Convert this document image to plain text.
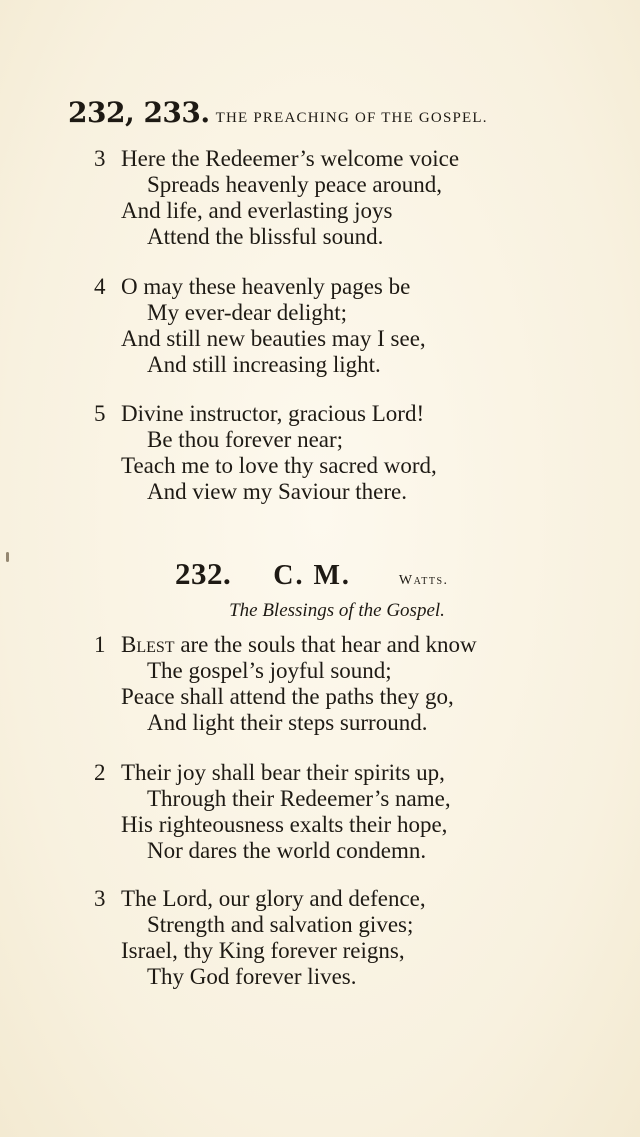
232, 233. THE PREACHING OF THE GOSPEL.
3 Here the Redeemer’s welcome voice
Spreads heavenly peace around,
And life, and everlasting joys
Attend the blissful sound.
4 O may these heavenly pages be
My ever-dear delight;
And still new beauties may I see,
And still increasing light.
5 Divine instructor, gracious Lord!
Be thou forever near;
Teach me to love thy sacred word,
And view my Saviour there.
232. C. M.	Watts.
The Blessings of the Gospel.
1 Blest are the souls that hear and know
The gospel’s joyful sound;
Peace shall attend the paths they go,
And light their steps surround.
2 Their joy shall bear their spirits up,
Through their Redeemer’s name,
His righteousness exalts their hope,
Nor dares the world condemn.
3 The Lord, our glory and defence,
Strength and salvation gives;
Israel, thy King forever reigns,
Thy God forever lives.
